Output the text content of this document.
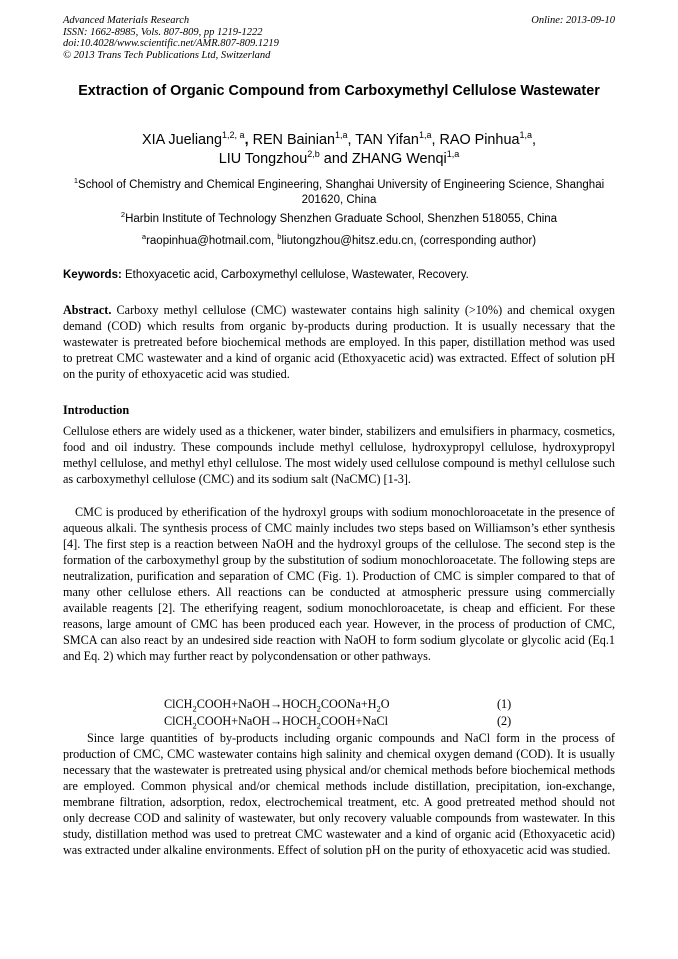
Advanced Materials Research
ISSN: 1662-8985, Vols. 807-809, pp 1219-1222
doi:10.4028/www.scientific.net/AMR.807-809.1219
© 2013 Trans Tech Publications Ltd, Switzerland
Online: 2013-09-10
Extraction of Organic Compound from Carboxymethyl Cellulose Wastewater
XIA Jueliang$^{1,2, a}$, REN Bainian$^{1,a}$, TAN Yifan$^{1,a}$, RAO Pinhua$^{1,a}$,
LIU Tongzhou$^{2,b}$ and ZHANG Wenqi$^{1,a}$
$^1$School of Chemistry and Chemical Engineering, Shanghai University of Engineering Science, Shanghai 201620, China
$^2$Harbin Institute of Technology Shenzhen Graduate School, Shenzhen 518055, China
$^a$raopinhua@hotmail.com, $^b$liutongzhou@hitsz.edu.cn, (corresponding author)
Keywords: Ethoxyacetic acid, Carboxymethyl cellulose, Wastewater, Recovery.
Abstract. Carboxy methyl cellulose (CMC) wastewater contains high salinity (>10%) and chemical oxygen demand (COD) which results from organic by-products during production. It is usually necessary that the wastewater is pretreated before biochemical methods are employed. In this paper, distillation method was used to pretreat CMC wastewater and a kind of organic acid (Ethoxyacetic acid) was extracted. Effect of solution pH on the purity of ethoxyacetic acid was studied.
Introduction
Cellulose ethers are widely used as a thickener, water binder, stabilizers and emulsifiers in pharmacy, cosmetics, food and oil industry. These compounds include methyl cellulose, hydroxypropyl cellulose, hydroxypropyl methyl cellulose, and methyl ethyl cellulose. The most widely used cellulose compound is methyl cellulose such as carboxymethyl cellulose (CMC) and its sodium salt (NaCMC) [1-3].
CMC is produced by etherification of the hydroxyl groups with sodium monochloroacetate in the presence of aqueous alkali. The synthesis process of CMC mainly includes two steps based on Williamson’s ether synthesis [4]. The first step is a reaction between NaOH and the hydroxyl groups of the cellulose. The second step is the formation of the carboxymethyl group by the substitution of sodium monochloroacetate. The following steps are neutralization, purification and separation of CMC (Fig. 1). Production of CMC is simpler compared to that of many other cellulose ethers. All reactions can be conducted at atmospheric pressure using commercially available reagents [2]. The etherifying reagent, sodium monochloroacetate, is cheap and efficient. For these reasons, large amount of CMC has been produced each year. However, in the process of production of CMC, SMCA can also react by an undesired side reaction with NaOH to form sodium glycolate or glycolic acid (Eq.1 and Eq. 2) which may further react by polycondensation or other pathways.
$ClCH_2COOH+NaOH\to HOCH_2COONa+H_2O$	(1)
$ClCH_2COOH+NaOH\to HOCH_2COOH+NaCl$	(2)
Since large quantities of by-products including organic compounds and NaCl form in the process of production of CMC, CMC wastewater contains high salinity and chemical oxygen demand (COD). It is usually necessary that the wastewater is pretreated using physical and/or chemical methods before biochemical methods are employed. Common physical and/or chemical methods include distillation, precipitation, ion-exchange, membrane filtration, adsorption, redox, electrochemical treatment, etc. A good pretreated method should not only decrease COD and salinity of wastewater, but only recovery valuable compounds from wastewater. In this study, distillation method was used to pretreat CMC wastewater and a kind of organic acid (Ethoxyacetic acid) was extracted under alkaline environments. Effect of solution pH on the purity of ethoxyacetic acid was studied.
